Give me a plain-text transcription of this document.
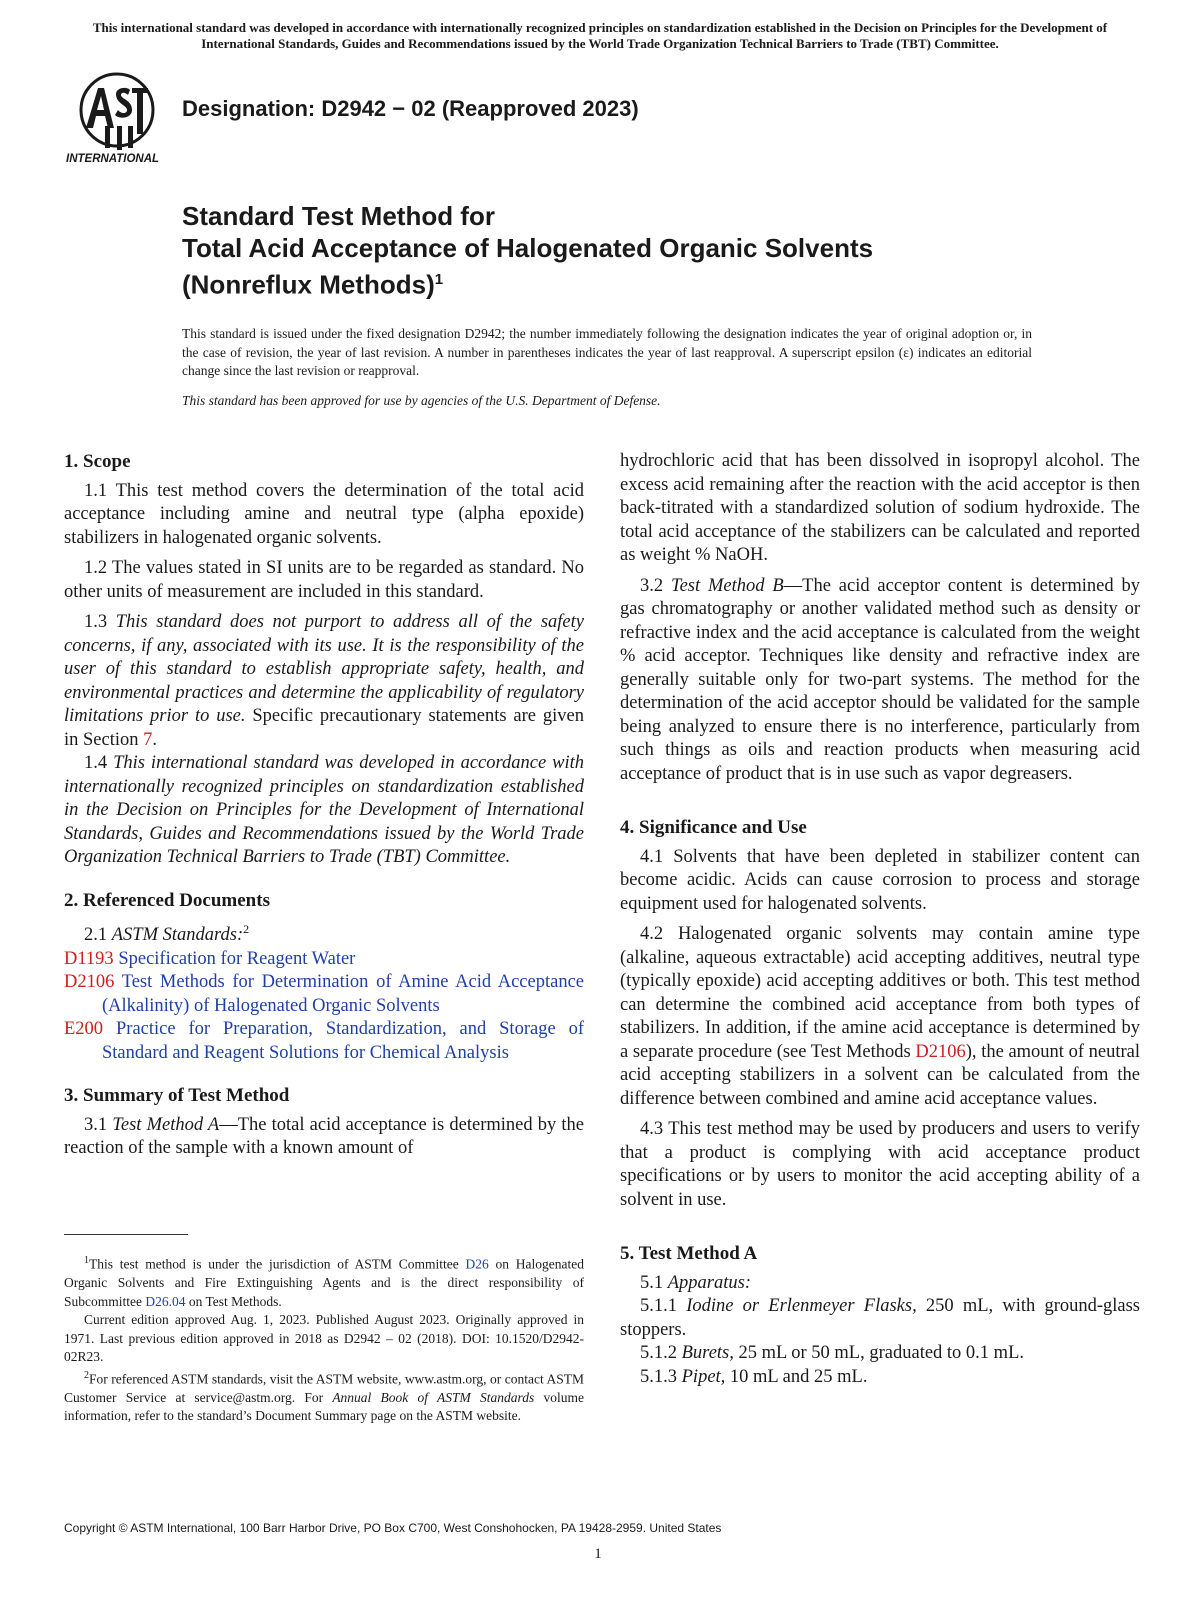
This international standard was developed in accordance with internationally recognized principles on standardization established in the Decision on Principles for the Development of International Standards, Guides and Recommendations issued by the World Trade Organization Technical Barriers to Trade (TBT) Committee.
INTERNATIONAL
Designation: D2942 − 02 (Reapproved 2023)
Standard Test Method for
Total Acid Acceptance of Halogenated Organic Solvents
(Nonreflux Methods)$^1$
This standard is issued under the fixed designation D2942; the number immediately following the designation indicates the year of original adoption or, in the case of revision, the year of last revision. A number in parentheses indicates the year of last reapproval. A superscript epsilon (ε) indicates an editorial change since the last revision or reapproval.
This standard has been approved for use by agencies of the U.S. Department of Defense.
1. Scope

1.1 This test method covers the determination of the total acid acceptance including amine and neutral type (alpha epoxide) stabilizers in halogenated organic solvents.

1.2 The values stated in SI units are to be regarded as standard. No other units of measurement are included in this standard.

1.3 This standard does not purport to address all of the safety concerns, if any, associated with its use. It is the responsibility of the user of this standard to establish appropriate safety, health, and environmental practices and determine the applicability of regulatory limitations prior to use. Specific precautionary statements are given in Section 7.

1.4 This international standard was developed in accordance with internationally recognized principles on standardization established in the Decision on Principles for the Development of International Standards, Guides and Recommendations issued by the World Trade Organization Technical Barriers to Trade (TBT) Committee.

2. Referenced Documents

2.1 ASTM Standards:$^2$

D1193 Specification for Reagent Water
D2106 Test Methods for Determination of Amine Acid Acceptance (Alkalinity) of Halogenated Organic Solvents
E200 Practice for Preparation, Standardization, and Storage of Standard and Reagent Solutions for Chemical Analysis
3. Summary of Test Method

3.1 Test Method A—The total acid acceptance is determined by the reaction of the sample with a known amount of

$^1$This test method is under the jurisdiction of ASTM Committee D26 on Halogenated Organic Solvents and Fire Extinguishing Agents and is the direct responsibility of Subcommittee D26.04 on Test Methods.

Current edition approved Aug. 1, 2023. Published August 2023. Originally approved in 1971. Last previous edition approved in 2018 as D2942 – 02 (2018). DOI: 10.1520/D2942-02R23.

$^2$For referenced ASTM standards, visit the ASTM website, www.astm.org, or contact ASTM Customer Service at service@astm.org. For Annual Book of ASTM Standards volume information, refer to the standard’s Document Summary page on the ASTM website.

hydrochloric acid that has been dissolved in isopropyl alcohol. The excess acid remaining after the reaction with the acid acceptor is then back-titrated with a standardized solution of sodium hydroxide. The total acid acceptance of the stabilizers can be calculated and reported as weight % NaOH.

3.2 Test Method B—The acid acceptor content is determined by gas chromatography or another validated method such as density or refractive index and the acid acceptance is calculated from the weight % acid acceptor. Techniques like density and refractive index are generally suitable only for two-part systems. The method for the determination of the acid acceptor should be validated for the sample being analyzed to ensure there is no interference, particularly from such things as oils and reaction products when measuring acid acceptance of product that is in use such as vapor degreasers.

4. Significance and Use

4.1 Solvents that have been depleted in stabilizer content can become acidic. Acids can cause corrosion to process and storage equipment used for halogenated solvents.

4.2 Halogenated organic solvents may contain amine type (alkaline, aqueous extractable) acid accepting additives, neutral type (typically epoxide) acid accepting additives or both. This test method can determine the combined acid acceptance from both types of stabilizers. In addition, if the amine acid acceptance is determined by a separate procedure (see Test Methods D2106), the amount of neutral acid accepting stabilizers in a solvent can be calculated from the difference between combined and amine acid acceptance values.

4.3 This test method may be used by producers and users to verify that a product is complying with acid acceptance product specifications or by users to monitor the acid accepting ability of a solvent in use.

5. Test Method A

5.1 Apparatus:

5.1.1 Iodine or Erlenmeyer Flasks, 250 mL, with ground-glass stoppers.

5.1.2 Burets, 25 mL or 50 mL, graduated to 0.1 mL.

5.1.3 Pipet, 10 mL and 25 mL.

Copyright © ASTM International, 100 Barr Harbor Drive, PO Box C700, West Conshohocken, PA 19428-2959. United States
1
